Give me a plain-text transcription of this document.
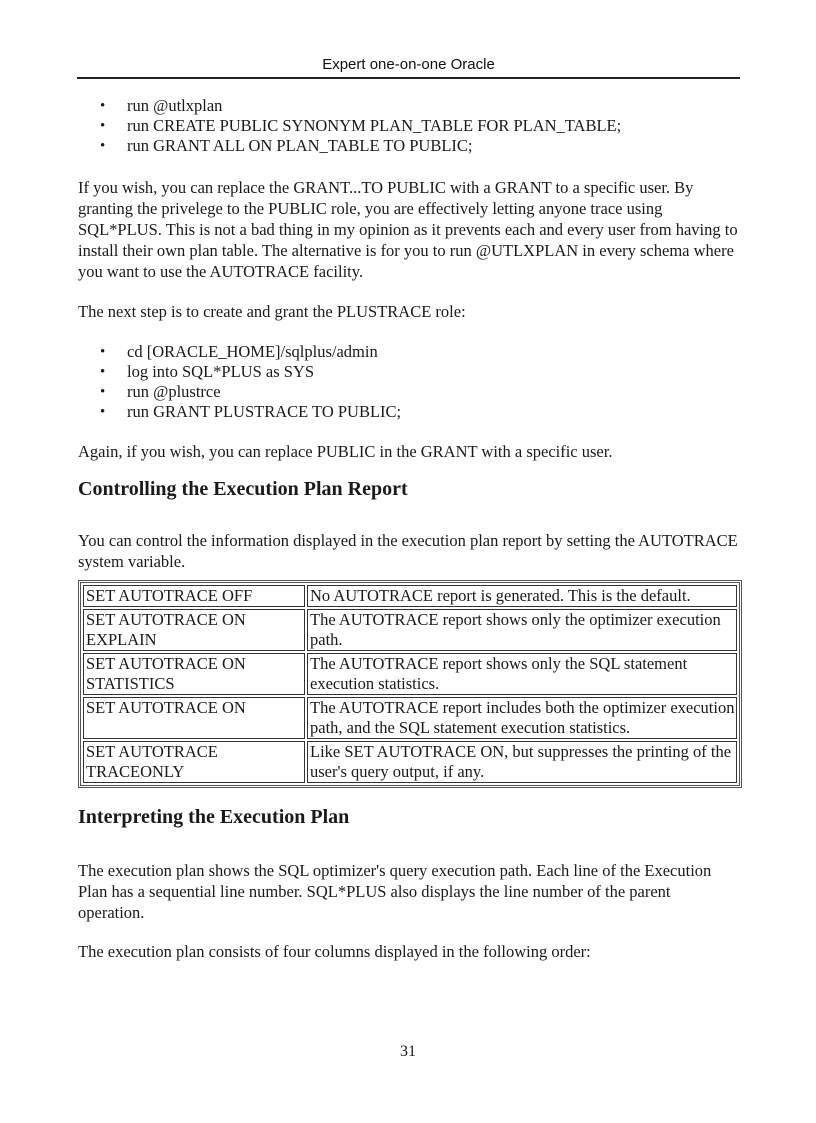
Expert one-on-one Oracle
• run @utlxplan
• run CREATE PUBLIC SYNONYM PLAN_TABLE FOR PLAN_TABLE;
• run GRANT ALL ON PLAN_TABLE TO PUBLIC;

If you wish, you can replace the GRANT...TO PUBLIC with a GRANT to a specific user. By granting the privelege to the PUBLIC role, you are effectively letting anyone trace using SQL*PLUS. This is not a bad thing in my opinion as it prevents each and every user from having to install their own plan table. The alternative is for you to run @UTLXPLAN in every schema where you want to use the AUTOTRACE facility.

The next step is to create and grant the PLUSTRACE role:

• cd [ORACLE_HOME]/sqlplus/admin
• log into SQL*PLUS as SYS
• run @plustrce
• run GRANT PLUSTRACE TO PUBLIC;

Again, if you wish, you can replace PUBLIC in the GRANT with a specific user.

Controlling the Execution Plan Report

You can control the information displayed in the execution plan report by setting the AUTOTRACE system variable.

SET AUTOTRACE OFF	No AUTOTRACE report is generated. This is the default.
SET AUTOTRACE ON EXPLAIN	The AUTOTRACE report shows only the optimizer execution path.
SET AUTOTRACE ON STATISTICS	The AUTOTRACE report shows only the SQL statement execution statistics.
SET AUTOTRACE ON	The AUTOTRACE report includes both the optimizer execution path, and the SQL statement execution statistics.
SET AUTOTRACE TRACEONLY	Like SET AUTOTRACE ON, but suppresses the printing of the user's query output, if any.
Interpreting the Execution Plan

The execution plan shows the SQL optimizer's query execution path. Each line of the Execution Plan has a sequential line number. SQL*PLUS also displays the line number of the parent operation.

The execution plan consists of four columns displayed in the following order:

31
